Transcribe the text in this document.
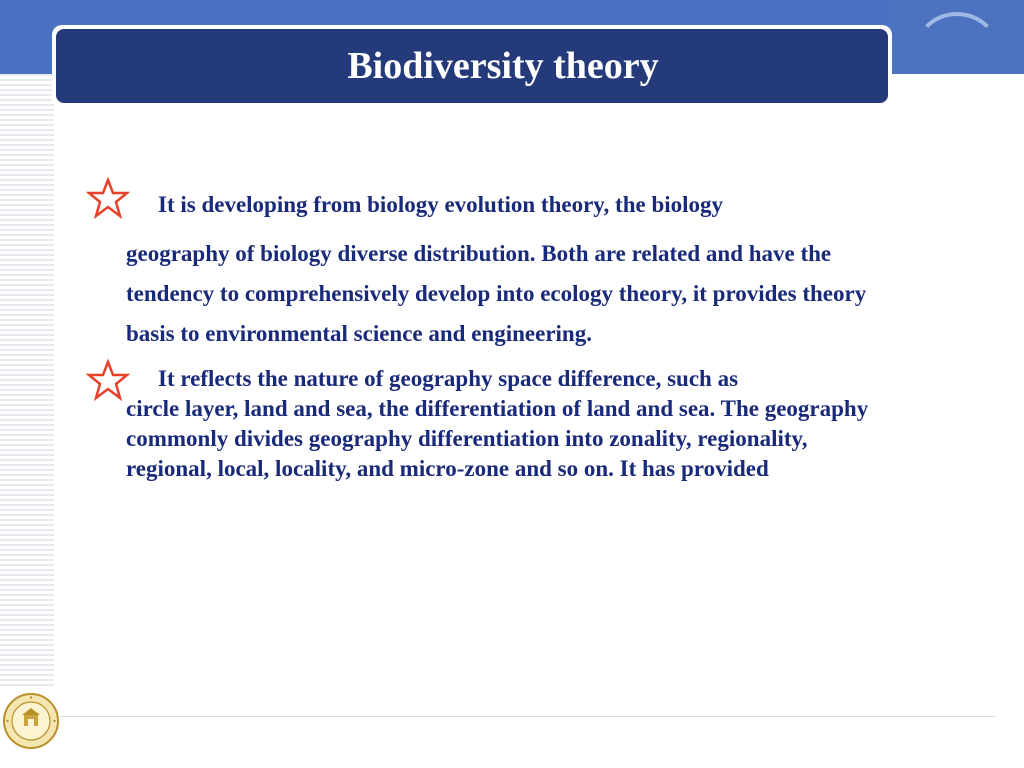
Biodiversity theory
It is developing from biology evolution theory, the biology
geography of biology diverse distribution. Both are related and have the tendency to comprehensively develop into ecology theory, it provides theory basis to environmental science and engineering.
It reflects the nature of geography space difference, such as
circle layer, land and sea, the differentiation of land and sea. The geography commonly divides geography differentiation into zonality, regionality, regional, local, locality, and micro-zone and so on. It has provided
